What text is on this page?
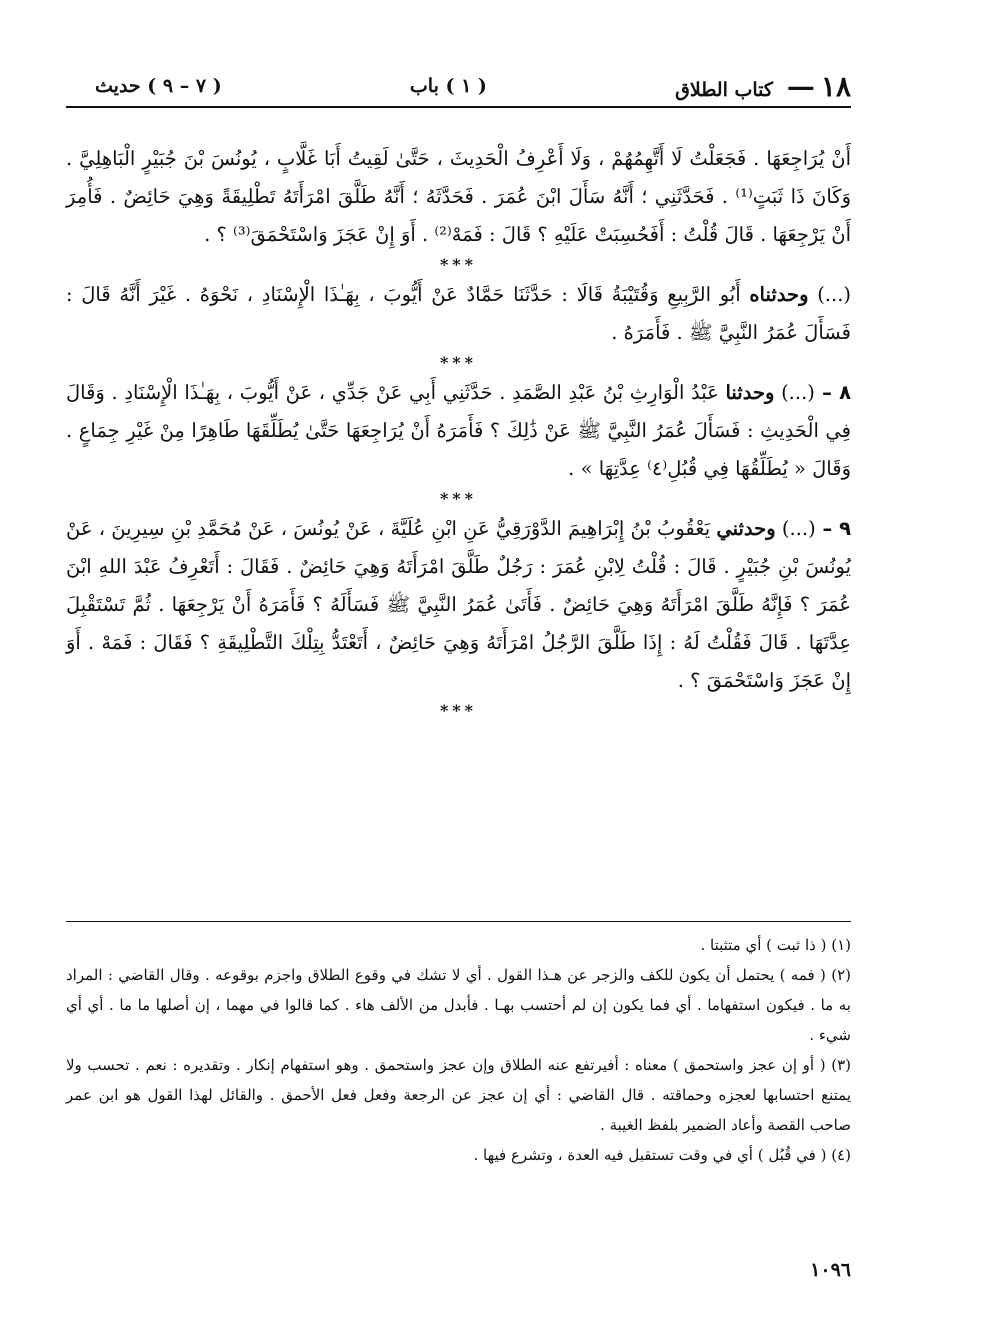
١٨
—
كتاب الطلاق
( ١ ) باب
( ٧ – ٩ ) حديث

أَنْ يُرَاجِعَهَا . فَجَعَلْتُ لَا أَتَّهِمُهُمْ ، وَلَا أَعْرِفُ الْحَدِيثَ ، حَتَّىٰ لَقِيتُ أَبَا غَلَّابٍ ، يُونُسَ بْنَ جُبَيْرٍ الْبَاهِلِيَّ . وَكَانَ ذَا ثَبَتٍ⁽¹⁾ . فَحَدَّثَنِي ؛ أَنَّهُ سَأَلَ ابْنَ عُمَرَ . فَحَدَّثَهُ ؛ أَنَّهُ طَلَّقَ امْرَأَتَهُ تَطْلِيقَةً وَهِيَ حَائِضٌ . فَأُمِرَ أَنْ يَرْجِعَهَا . قَالَ قُلْتُ : أَفَحُسِبَتْ عَلَيْهِ ؟ قَالَ : فَمَهْ⁽²⁾ . أَوَ إِنْ عَجَزَ وَاسْتَحْمَقَ⁽³⁾ ؟ .

***

(...) وحدثناه أَبُو الرَّبِيعِ وَقُتَيْبَةُ قَالَا : حَدَّثَنَا حَمَّادٌ عَنْ أَيُّوبَ ، بِهَـٰذَا الْإِسْنَادِ ، نَحْوَهُ . غَيْرَ أَنَّهُ قَالَ : فَسَأَلَ عُمَرُ النَّبِيَّ ﷺ . فَأَمَرَهُ .

***

٨ – (...) وحدثنا عَبْدُ الْوَارِثِ بْنُ عَبْدِ الصَّمَدِ . حَدَّثَنِي أَبِي عَنْ جَدِّي ، عَنْ أَيُّوبَ ، بِهَـٰذَا الْإِسْنَادِ . وَقَالَ فِي الْحَدِيثِ : فَسَأَلَ عُمَرُ النَّبِيَّ ﷺ عَنْ ذَٰلِكَ ؟ فَأَمَرَهُ أَنْ يُرَاجِعَهَا حَتَّىٰ يُطَلِّقَهَا طَاهِرًا مِنْ غَيْرِ جِمَاعٍ . وَقَالَ « يُطَلِّقُهَا فِي قُبُلِ⁽٤⁾ عِدَّتِهَا » .

***

٩ – (...) وحدثني يَعْقُوبُ بْنُ إِبْرَاهِيمَ الدَّوْرَقِيُّ عَنِ ابْنِ عُلَيَّةَ ، عَنْ يُونُسَ ، عَنْ مُحَمَّدِ بْنِ سِيرِينَ ، عَنْ يُونُسَ بْنِ جُبَيْرٍ . قَالَ : قُلْتُ لِابْنِ عُمَرَ : رَجُلٌ طَلَّقَ امْرَأَتَهُ وَهِيَ حَائِضٌ . فَقَالَ : أَتَعْرِفُ عَبْدَ اللهِ ابْنَ عُمَرَ ؟ فَإِنَّهُ طَلَّقَ امْرَأَتَهُ وَهِيَ حَائِضٌ . فَأَتَىٰ عُمَرُ النَّبِيَّ ﷺ فَسَأَلَهُ ؟ فَأَمَرَهُ أَنْ يَرْجِعَهَا . ثُمَّ تَسْتَقْبِلَ عِدَّتَهَا . قَالَ فَقُلْتُ لَهُ : إِذَا طَلَّقَ الرَّجُلُ امْرَأَتَهُ وَهِيَ حَائِضٌ ، أَتَعْتَدُّ بِتِلْكَ التَّطْلِيقَةِ ؟ فَقَالَ : فَمَهْ . أَوَ إِنْ عَجَزَ وَاسْتَحْمَقَ ؟ .

***

(١) ( ذا ثبت ) أي متثبتا .

(٢) ( فمه ) يحتمل أن يكون للكف والزجر عن هـذا القول . أي لا تشك في وقوع الطلاق واجزم بوقوعه . وقال القاضي : المراد به ما . فيكون استفهاما . أي فما يكون إن لم أحتسب بهـا . فأبدل من الألف هاء . كما قالوا في مهما ، إن أصلها ما ما . أي أي شيء .

(٣) ( أو إن عجز واستحمق ) معناه : أفيرتفع عنه الطلاق وإن عجز واستحمق . وهو استفهام إنكار . وتقديره : نعم . تحسب ولا يمتنع احتسابها لعجزه وحماقته . قال القاضي : أي إن عجز عن الرجعة وفعل فعل الأحمق . والقائل لهذا القول هو ابن عمر صاحب القصة وأعاد الضمير بلفظ الغيبة .

(٤) ( في قُبُل ) أي في وقت تستقبل فيه العدة ، وتشرع فيها .

١٠٩٦
